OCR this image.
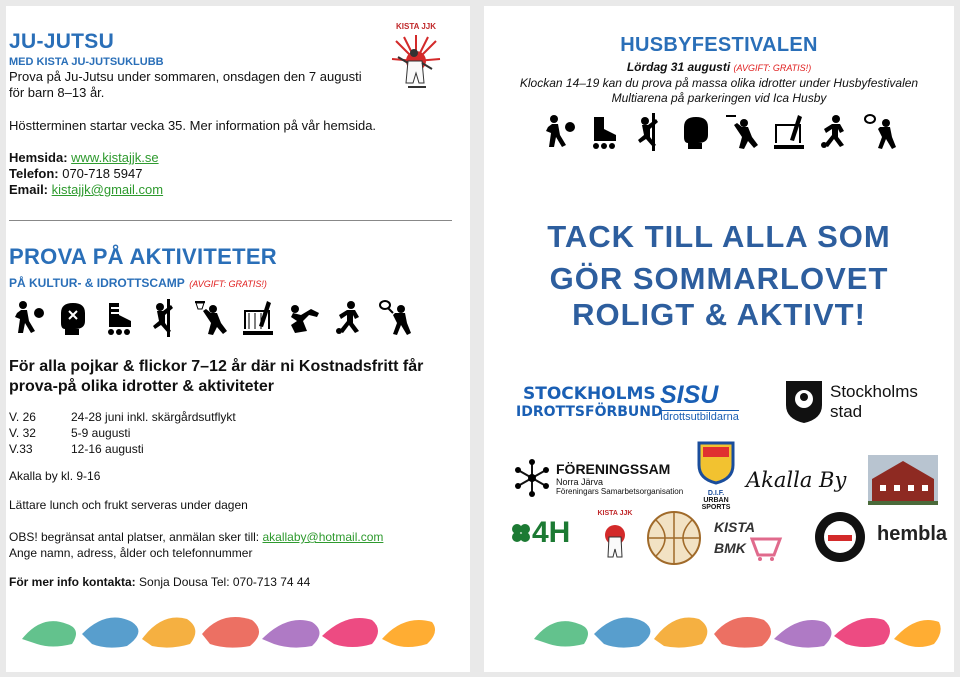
JU-JUTSU
MED KISTA JU-JUTSUKLUBB
Prova på Ju-Jutsu under sommaren, onsdagen den 7 augusti
för barn 8–13 år.
Höstterminen startar vecka 35. Mer information på vår hemsida.
Hemsida: www.kistajjk.se
Telefon: 070-718 5947
Email: kistajjk@gmail.com
KISTA JJK
PROVA PÅ AKTIVITETER
PÅ KULTUR- & IDROTTSCAMP (AVGIFT: GRATIS!)
För alla pojkar & flickor 7–12 år där ni Kostnadsfritt får
prova-på olika idrotter & aktiviteter
V. 26	24-28 juni inkl. skärgårdsutflykt
V. 32	5-9 augusti
V.33	12-16 augusti
Akalla by kl. 9-16
Lättare lunch och frukt serveras under dagen
OBS! begränsat antal platser, anmälan sker till: akallaby@hotmail.com
Ange namn, adress, ålder och telefonnummer
För mer info kontakta: Sonja Dousa Tel: 070-713 74 44
HUSBYFESTIVALEN
Lördag 31 augusti (AVGIFT: GRATIS!)
Klockan 14–19 kan du prova på massa olika idrotter under Husbyfestivalen
Multiarena på parkeringen vid Ica Husby
TACK TILL ALLA SOM
GÖR SOMMARLOVET
ROLIGT & AKTIVT!
STOCKHOLMS
IDROTTSFÖRBUND
SISU
Idrottsutbildarna
Stockholms
stad
FÖRENINGSSAM
Norra Järva
Föreningars Samarbetsorganisation	D.I.F.
URBAN
SPORTS
Akalla By
4H
KISTA JJK
KISTA
BMK
hembla
